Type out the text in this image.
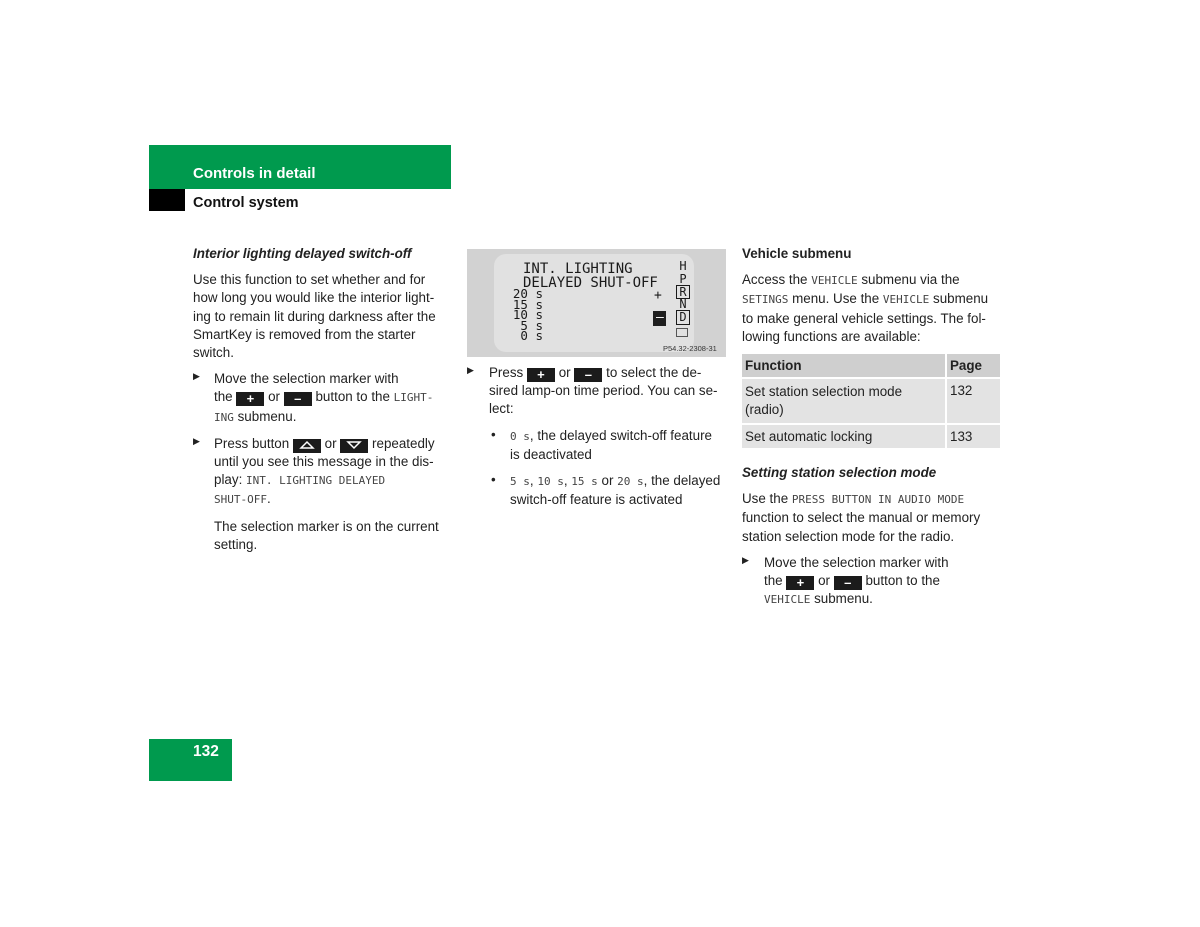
Controls in detail
Control system

Interior lighting delayed switch-off

Use this function to set whether and for

how long you would like the interior light-

ing to remain lit during darkness after the

SmartKey is removed from the starter

switch.

▶ Move the selection marker with

the + or – button to the LIGHT-

ING submenu.

▶ Press button	or	repeatedly

until you see this message in the dis-

play: INT. LIGHTING DELAYED

SHUT-OFF.

The selection marker is on the current

setting.

INT. LIGHTING
DELAYED SHUT-OFF
20 s
15 s
10 s
5 s
0 s
+
–
H
P
R
N
D
P54.32-2308-31
▶ Press + or – to select the de-

sired lamp-on time period. You can se-

lect:

• 0 s, the delayed switch-off feature

is deactivated

• 5 s, 10 s, 15 s or 20 s, the delayed

switch-off feature is activated

Vehicle submenu

Access the VEHICLE submenu via the

SETINGS menu. Use the VEHICLE submenu

to make general vehicle settings. The fol-

lowing functions are available:

Function	Page

Set station selection mode
(radio)	132
Set automatic locking	133

Setting station selection mode

Use the PRESS BUTTON IN AUDIO MODE

function to select the manual or memory

station selection mode for the radio.

▶ Move the selection marker with

the + or – button to the

VEHICLE submenu.

132
